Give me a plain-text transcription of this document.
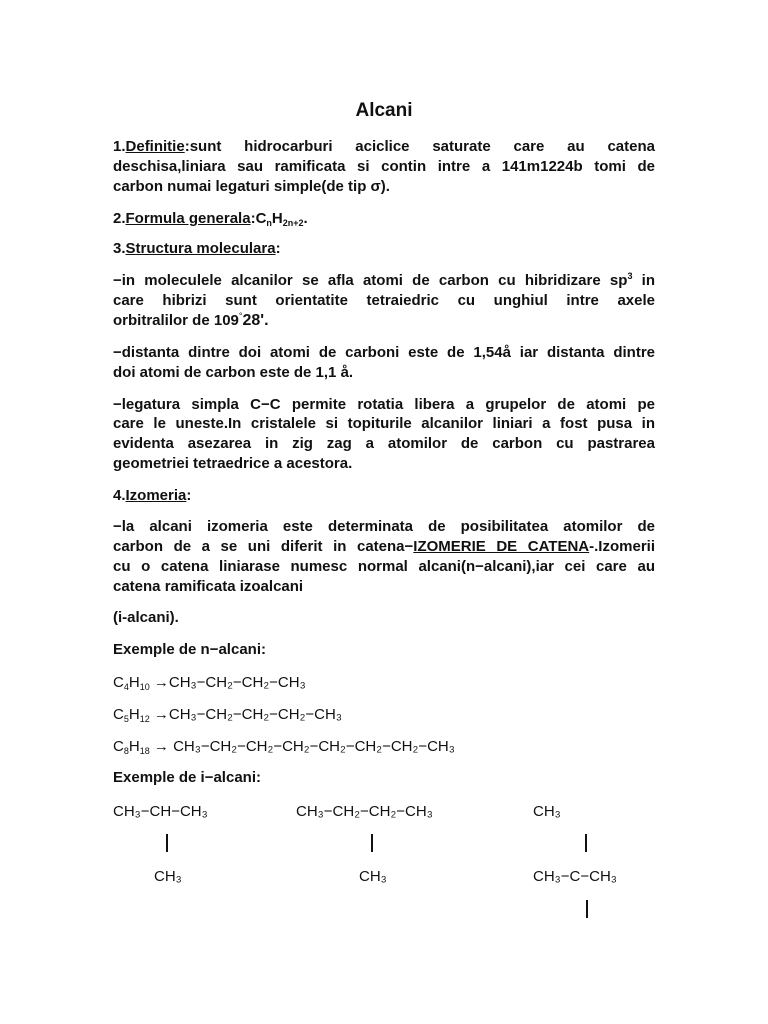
Alcani
1.Definitie:sunt hidrocarburi aciclice saturate care au catena
deschisa,liniara sau ramificata si contin intre a 141m1224b tomi de
carbon numai legaturi simple(de tip σ).
2.Formula $generala:C_nH_{2n+2}$.
3.Structura moleculara:
−in moleculele alcanilor se afla atomi de carbon cu hibridizare $sp^3$ in
care hibrizi sunt orientatite tetraiedric cu unghiul intre axele
orbitralilor de 109°28'.
−distanta dintre doi atomi de carboni este de 1,54å iar distanta dintre
doi atomi de carbon este de 1,1 å.
−legatura simpla C−C permite rotatia libera a grupelor de atomi pe
care le uneste.In cristalele si topiturile alcanilor liniari a fost pusa in
evidenta asezarea in zig zag a atomilor de carbon cu pastrarea
geometriei tetraedrice a acestora.
4.Izomeria:
−la alcani izomeria este determinata de posibilitatea atomilor de
carbon de a se uni diferit in catena−IZOMERIE DE CATENA-.Izomerii
cu o catena liniarase numesc normal alcani(n−alcani),iar cei care au
catena ramificata izoalcani
(i-alcani).
Exemple de n−alcani:
$C_4H_{10} \to CH_3-CH_2-CH_2-CH_3$
$C_5H_{12} \to CH_3-CH_2-CH_2-CH_2-CH_3$
$C_8H_{18} \to CH_3-CH_2-CH_2-CH_2-CH_2-CH_2-CH_2-CH_3$
Exemple de i−alcani:
CH₃−CH−CH₃
CH₃
CH₃−CH₂−CH₂−CH₃
CH₃
CH₃
CH₃−C−CH₃
